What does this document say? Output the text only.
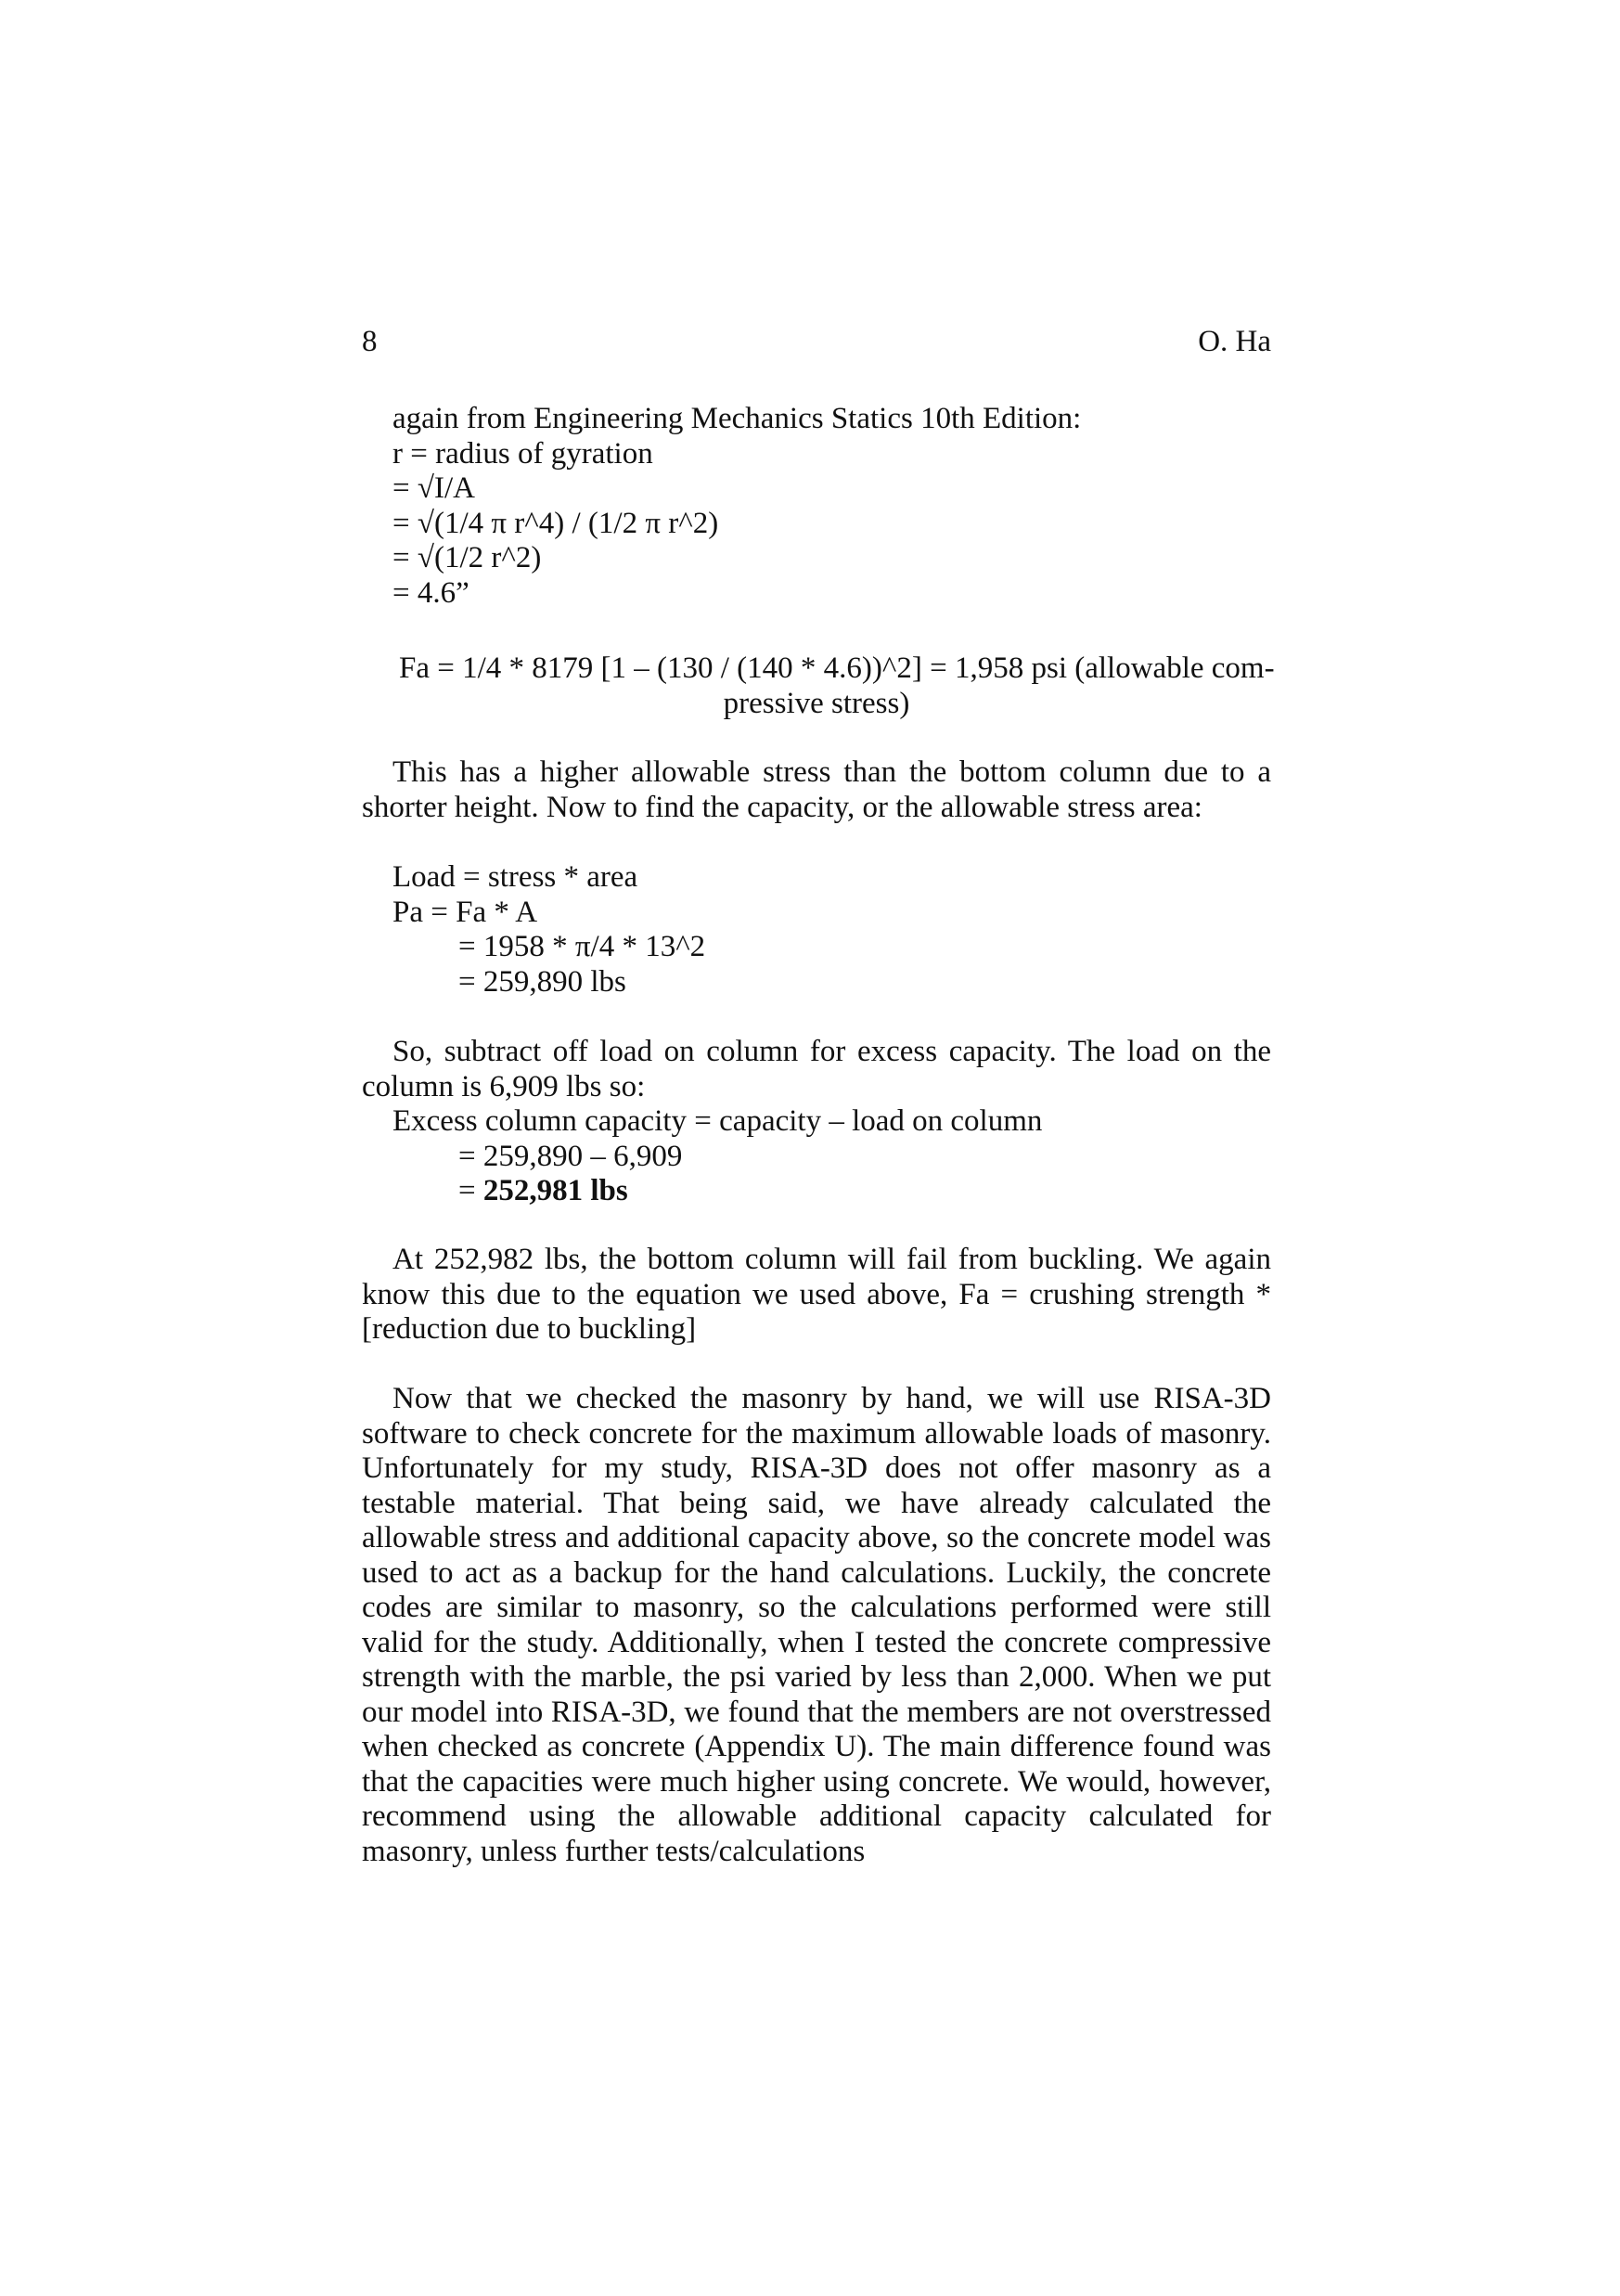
8	O. Ha
again from Engineering Mechanics Statics 10th Edition:
r = radius of gyration
= √I/A
= √(1/4 π r^4) / (1/2 π r^2)
= √(1/2 r^2)
= 4.6”
Fa = 1/4 * 8179 [1 – (130 / (140 * 4.6))^2] = 1,958 psi (allowable com-
pressive stress)

This has a higher allowable stress than the bottom column due to a shorter height. Now to find the capacity, or the allowable stress area:

Load = stress * area
Pa = Fa * A
= 1958 * π/4 * 13^2
= 259,890 lbs

So, subtract off load on column for excess capacity. The load on the column is 6,909 lbs so:

Excess column capacity = capacity – load on column
= 259,890 – 6,909
= 252,981 lbs

At 252,982 lbs, the bottom column will fail from buckling. We again know this due to the equation we used above, Fa = crushing strength * [reduction due to buckling]

Now that we checked the masonry by hand, we will use RISA-3D software to check concrete for the maximum allowable loads of masonry. Unfortunately for my study, RISA-3D does not offer masonry as a testable material. That being said, we have already calculated the allowable stress and additional capacity above, so the concrete model was used to act as a backup for the hand calculations. Luckily, the concrete codes are similar to masonry, so the calculations performed were still valid for the study. Additionally, when I tested the concrete compressive strength with the marble, the psi varied by less than 2,000. When we put our model into RISA-3D, we found that the members are not overstressed when checked as concrete (Appendix U). The main difference found was that the capacities were much higher using concrete. We would, however, recommend using the allowable additional capacity calculated for masonry, unless further tests/calculations
